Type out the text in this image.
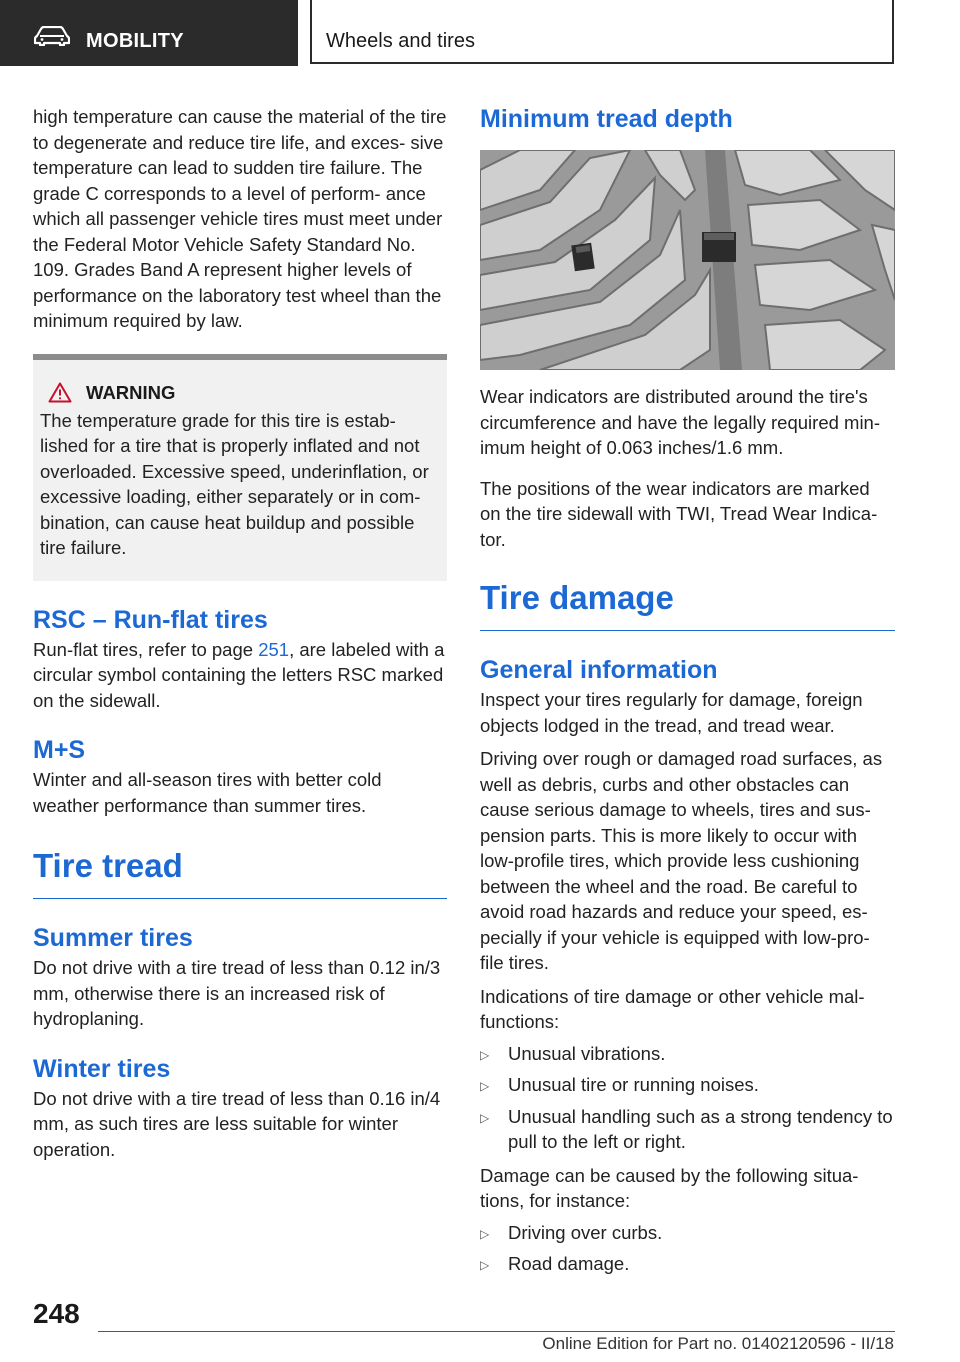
MOBILITY	Wheels and tires

high temperature can cause the material of the tire to degenerate and reduce tire life, and exces‐ sive temperature can lead to sudden tire failure. The grade C corresponds to a level of perform‐ ance which all passenger vehicle tires must meet under the Federal Motor Vehicle Safety Standard No. 109. Grades Band A represent higher levels of performance on the laboratory test wheel than the minimum required by law.

WARNING

The temperature grade for this tire is estab‐ lished for a tire that is properly inflated and not overloaded. Excessive speed, underinflation, or excessive loading, either separately or in com‐ bination, can cause heat buildup and possible tire failure.

RSC – Run-flat tires

Run-flat tires, refer to page 251, are labeled with a circular symbol containing the letters RSC marked on the sidewall.

M+S

Winter and all-season tires with better cold weather performance than summer tires.

Tire tread
Summer tires

Do not drive with a tire tread of less than 0.12 in/3 mm, otherwise there is an increased risk of hydroplaning.

Winter tires

Do not drive with a tire tread of less than 0.16 in/4 mm, as such tires are less suitable for winter operation.

Minimum tread depth

Wear indicators are distributed around the tire's circumference and have the legally required min‐ imum height of 0.063 inches/1.6 mm.

The positions of the wear indicators are marked on the tire sidewall with TWI, Tread Wear Indica‐ tor.

Tire damage
General information

Inspect your tires regularly for damage, foreign objects lodged in the tread, and tread wear.

Driving over rough or damaged road surfaces, as well as debris, curbs and other obstacles can cause serious damage to wheels, tires and sus‐ pension parts. This is more likely to occur with low-profile tires, which provide less cushioning between the wheel and the road. Be careful to avoid road hazards and reduce your speed, es‐ pecially if your vehicle is equipped with low-pro‐ file tires.

Indications of tire damage or other vehicle mal‐ functions:

▷ Unusual vibrations.
▷ Unusual tire or running noises.
▷ Unusual handling such as a strong tendency to pull to the left or right.

Damage can be caused by the following situa‐ tions, for instance:

▷ Driving over curbs.
▷ Road damage.
248
Online Edition for Part no. 01402120596 - II/18
